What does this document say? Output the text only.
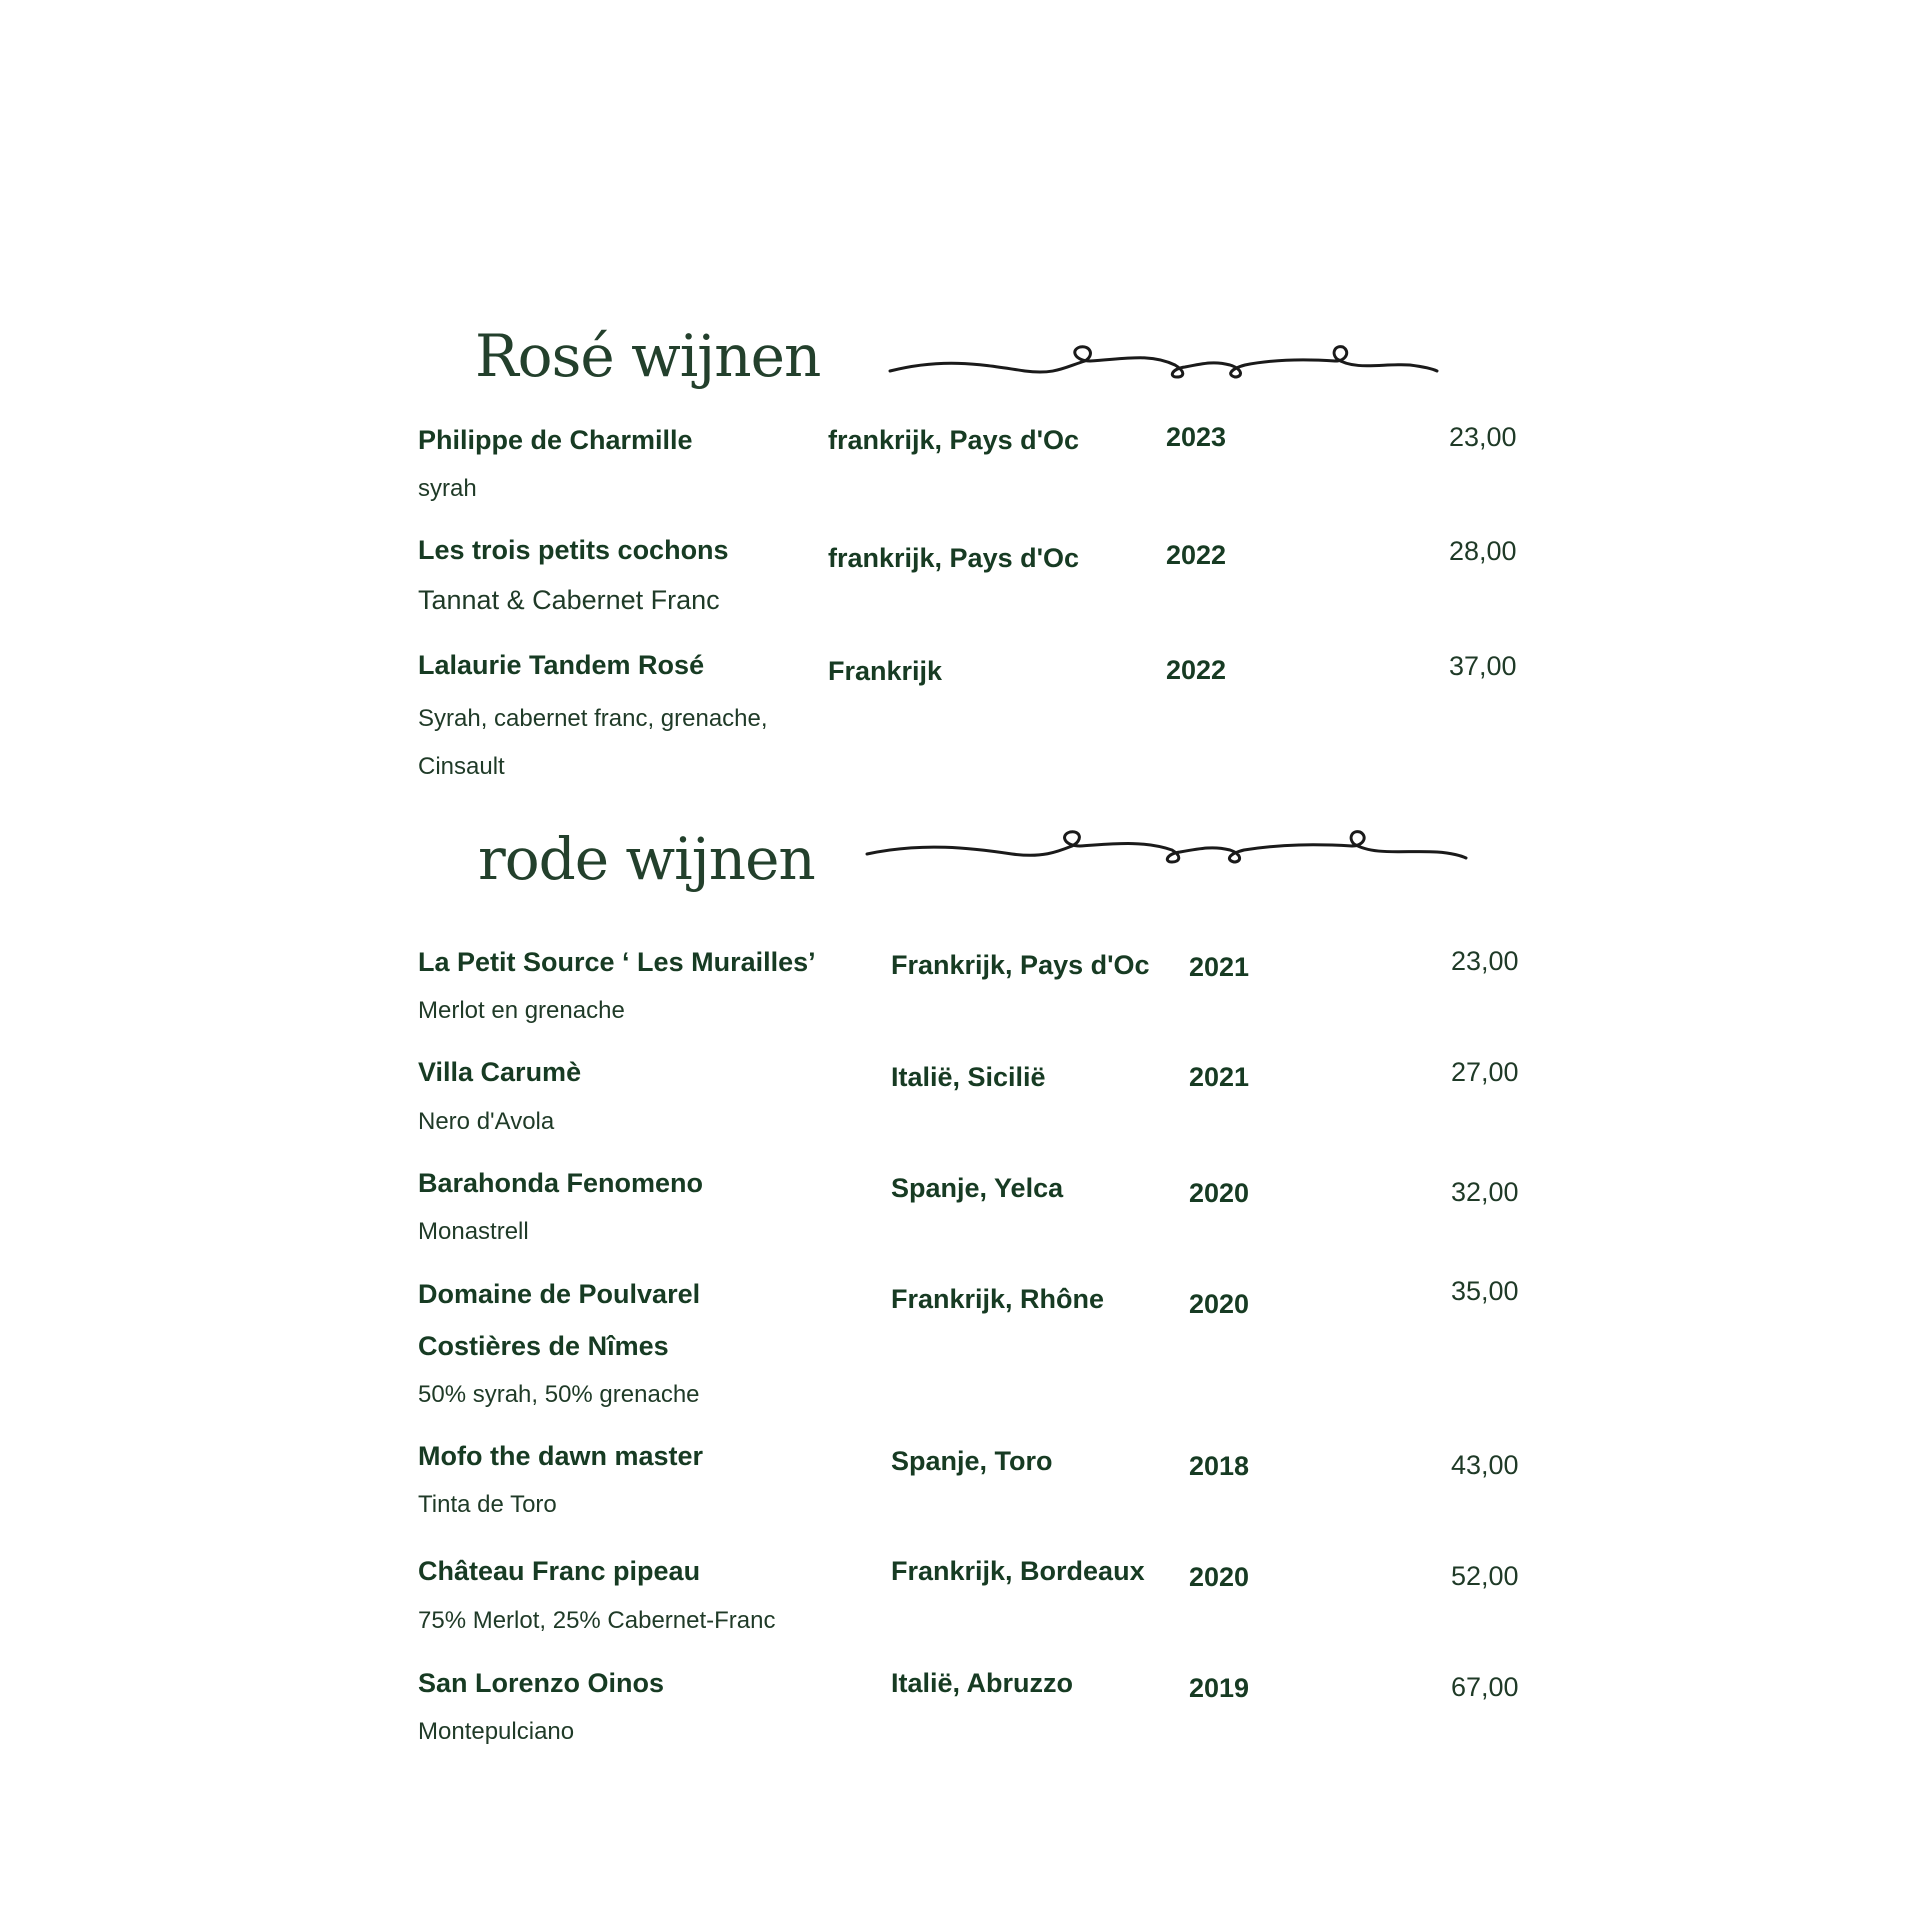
Rosé wijnen
Philippe de Charmille
syrah
frankrijk, Pays d'Oc	2023	23,00
Les trois petits cochons
Tannat & Cabernet Franc
frankrijk, Pays d'Oc	2022	28,00
Lalaurie Tandem Rosé
Syrah, cabernet franc, grenache,
Cinsault
Frankrijk	2022	37,00
rode wijnen
La Petit Source ‘ Les Murailles’
Merlot en grenache
Frankrijk, Pays d'Oc 2021	23,00
Villa Carumè
Nero d'Avola
Italië, Sicilië	2021	27,00
Barahonda Fenomeno
Monastrell
Spanje, Yelca	2020	32,00
Domaine de Poulvarel
Costières de Nîmes
50% syrah, 50% grenache
Frankrijk, Rhône	2020	35,00
Mofo the dawn master
Tinta de Toro
Spanje, Toro	2018	43,00
Château Franc pipeau
75% Merlot, 25% Cabernet-Franc
Frankrijk, Bordeaux 2020	52,00
San Lorenzo Oinos
Montepulciano
Italië, Abruzzo	2019	67,00
